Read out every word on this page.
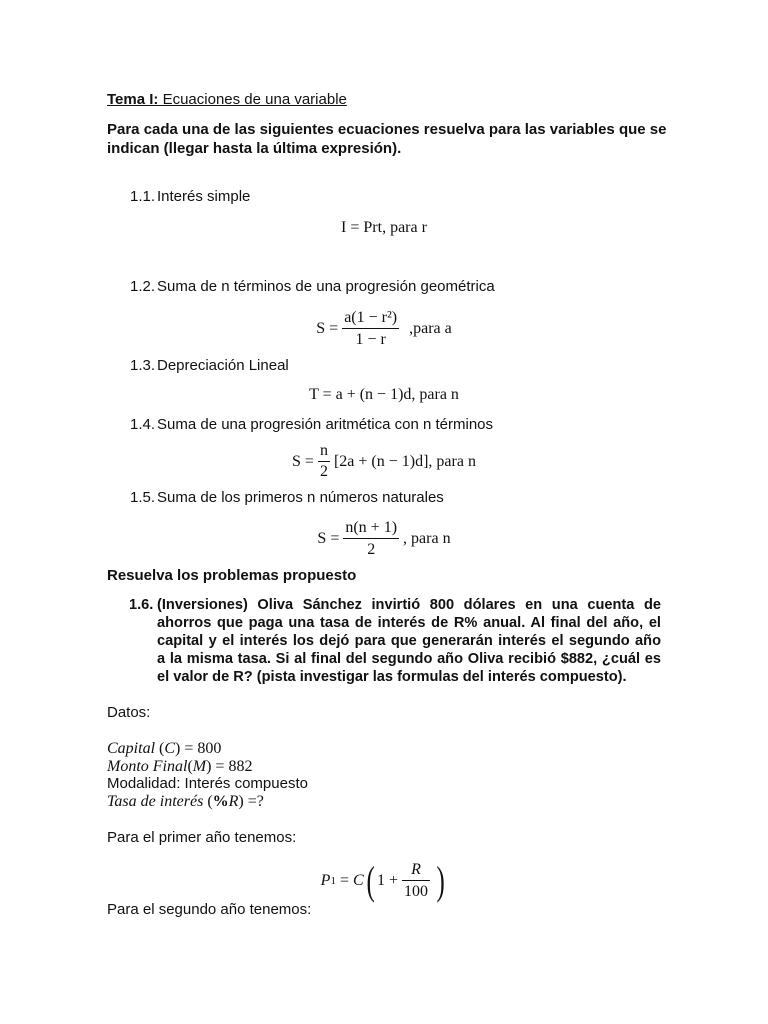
Tema I: Ecuaciones de una variable
Para cada una de las siguientes ecuaciones resuelva para las variables que se indican (llegar hasta la última expresión).
1.1. Interés simple
I = Prt, para r
1.2. Suma de n términos de una progresión geométrica
$S = \frac{\text{a(1 − r²)}}{1 - r}$ ,para a
1.3. Depreciación Lineal
T = a + (n − 1)d, para n
1.4. Suma de una progresión aritmética con n términos
$S = \frac{n}{2} [2a + (n - 1)d]$, para n
1.5. Suma de los primeros n números naturales
$S = \frac{n(n + 1)}{2}$ , para n
Resuelva los problemas propuesto
1.6. (Inversiones) Oliva Sánchez invirtió 800 dólares en una cuenta de
ahorros que paga una tasa de interés de R% anual. Al final del año, el
capital y el interés los dejó para que generarán interés el segundo año
a la misma tasa. Si al final del segundo año Oliva recibió $882, ¿cuál es
el valor de R? (pista investigar las formulas del interés compuesto).
Datos:
Capital (C) = 800
Monto Final(M) = 882
Modalidad: Interés compuesto
Tasa de interés (%R) =?
Para el primer año tenemos:
P 1 = C ( $1 + \frac{R}{100}$ )
Para el segundo año tenemos:
